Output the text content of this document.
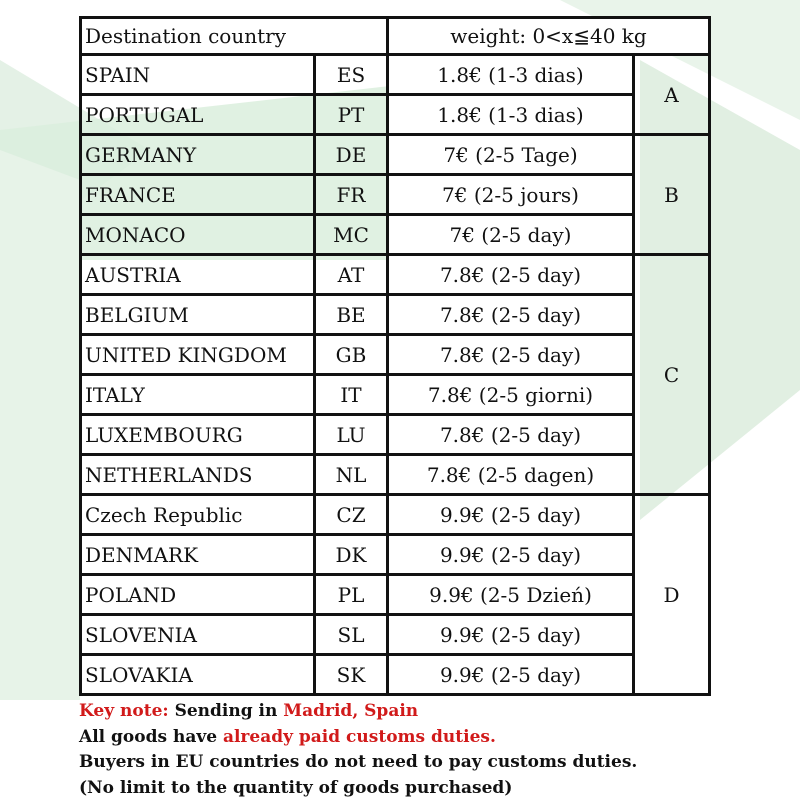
Destination country		weight: 0<x≦40 kg	
SPAIN	ES	1.8€ (1-3 dias)	A
PORTUGAL	PT	1.8€ (1-3 dias)	
GERMANY	DE	7€ (2-5 Tage)	B
FRANCE	FR	7€ (2-5 jours)	
MONACO	MC	7€ (2-5 day)	
AUSTRIA	AT	7.8€ (2-5 day)	C
BELGIUM	BE	7.8€ (2-5 day)	
UNITED KINGDOM	GB	7.8€ (2-5 day)	
ITALY	IT	7.8€ (2-5 giorni)	
LUXEMBOURG	LU	7.8€ (2-5 day)	
NETHERLANDS	NL	7.8€ (2-5 dagen)	
Czech Republic	CZ	9.9€ (2-5 day)	D
DENMARK	DK	9.9€ (2-5 day)	
POLAND	PL	9.9€ (2-5 Dzień)	
SLOVENIA	SL	9.9€ (2-5 day)	
SLOVAKIA	SK	9.9€ (2-5 day)	
Key note: Sending in Madrid, Spain
All goods have already paid customs duties.
Buyers in EU countries do not need to pay customs duties.
(No limit to the quantity of goods purchased)
